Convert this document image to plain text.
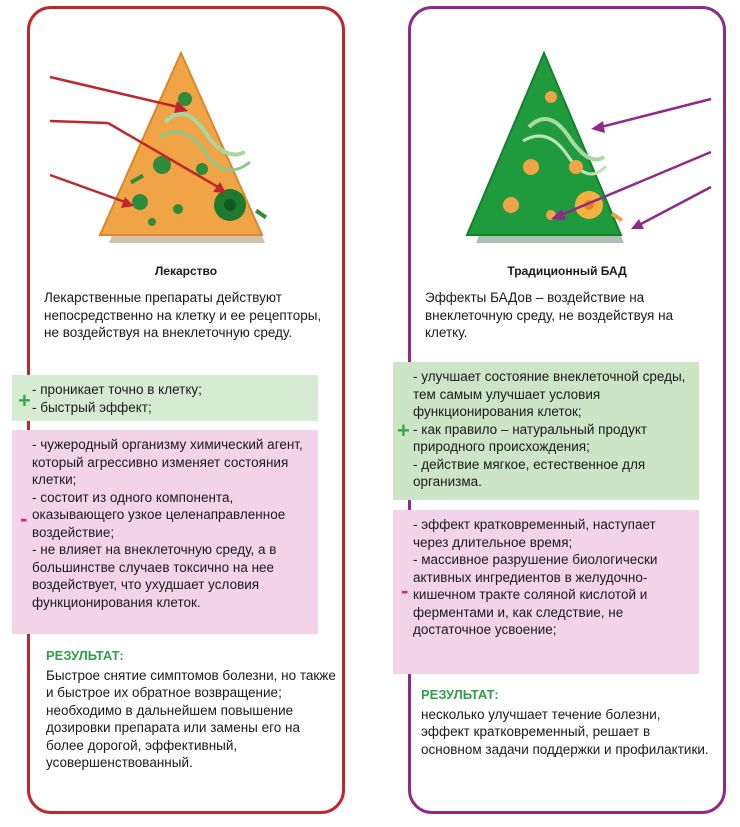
Лекарство

Лекарственные препараты действуют непосредственно на клетку и ее рецепторы, не воздействуя на внеклеточную среду.

- проникает точно в клетку;

- быстрый эффект;

+

- чужеродный организму химический агент, который агрессивно изменяет состояния клетки;

- состоит из одного компонента, оказывающего узкое целенаправленное воздействие;

- не влияет на внеклеточную среду, а в большинстве случаев токсично на нее воздействует, что ухудшает условия функционирования клеток.

-
РЕЗУЛЬТАТ:

Быстрое снятие симптомов болезни, но также и быстрое их обратное возвращение;

необходимо в дальнейшем повышение дозировки препарата или замены его на более дорогой, эффективный, усовершенствованный.

Традиционный БАД

Эффекты БАДов – воздействие на внеклеточную среду, не воздействуя на клетку.

- улучшает состояние внеклеточной среды, тем самым улучшает условия функционирования клеток;

- как правило – натуральный продукт природного происхождения;

- действие мягкое, естественное для организма.

+

- эффект кратковременный, наступает через длительное время;

- массивное разрушение биологически активных ингредиентов в желудочно-кишечном тракте соляной кислотой и ферментами и, как следствие, не достаточное усвоение;

-
РЕЗУЛЬТАТ:

несколько улучшает течение болезни, эффект кратковременный, решает в основном задачи поддержки и профилактики.
